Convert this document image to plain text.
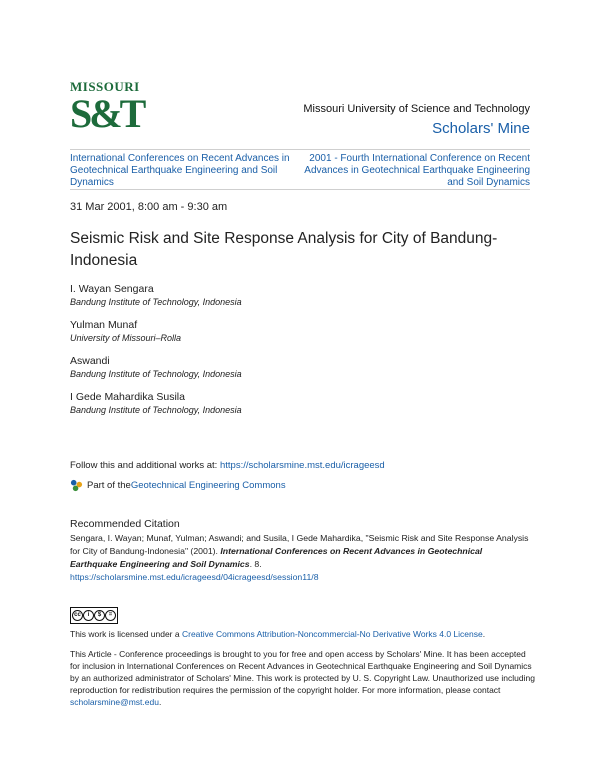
MISSOURI
S&T	Missouri University of Science and Technology
Scholars' Mine
International Conferences on Recent Advances in Geotechnical Earthquake Engineering and Soil Dynamics
2001 - Fourth International Conference on Recent Advances in Geotechnical Earthquake Engineering and Soil Dynamics
31 Mar 2001, 8:00 am - 9:30 am
Seismic Risk and Site Response Analysis for City of Bandung-Indonesia
I. Wayan Sengara
Bandung Institute of Technology, Indonesia
Yulman Munaf
University of Missouri–Rolla
Aswandi
Bandung Institute of Technology, Indonesia
I Gede Mahardika Susila
Bandung Institute of Technology, Indonesia
Follow this and additional works at: https://scholarsmine.mst.edu/icrageesd
Part of the Geotechnical Engineering Commons
Recommended Citation
Sengara, I. Wayan; Munaf, Yulman; Aswandi; and Susila, I Gede Mahardika, "Seismic Risk and Site Response Analysis for City of Bandung-Indonesia" (2001). International Conferences on Recent Advances in Geotechnical Earthquake Engineering and Soil Dynamics. 8.
https://scholarsmine.mst.edu/icrageesd/04icrageesd/session11/8
cc	i	$	=
This work is licensed under a Creative Commons Attribution-Noncommercial-No Derivative Works 4.0 License.
This Article - Conference proceedings is brought to you for free and open access by Scholars' Mine. It has been accepted for inclusion in International Conferences on Recent Advances in Geotechnical Earthquake Engineering and Soil Dynamics by an authorized administrator of Scholars' Mine. This work is protected by U. S. Copyright Law. Unauthorized use including reproduction for redistribution requires the permission of the copyright holder. For more information, please contact scholarsmine@mst.edu.
